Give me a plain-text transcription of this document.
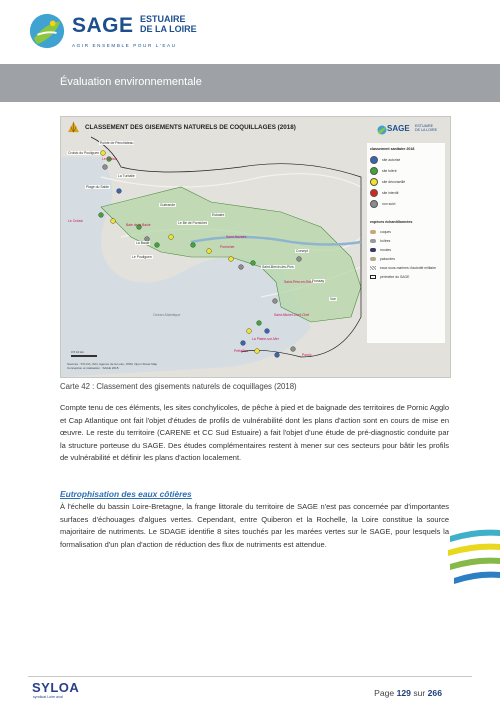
SAGE ESTUAIRE
DE LA LOIRE
AGIR ENSEMBLE POUR L'EAU
Évaluation environnementale
CLASSEMENT DES GISEMENTS NATURELS DE COQUILLAGES (2018)	SAGE ESTUAIRE
DE LA LOIRE
classement sanitaire 2018
site autorisé
site toléré
site déconseillé
site interdit
non suivi
espèces échantillonnées
coques
huîtres
moules
palourdes
eaux sous-marines d'autorité militaire
périmètre du SAGE
Pointe de Penchâteau
Croisic du Pouliguen
Le Croisic
La Turballe
Guérande
Le Croisic
Baie de la Baule	Le Bé de Pornichet
La Baule
Le Pouliguen
Pornichet
Saint-Nazaire
Saint-Brevin-les-Pins
Frossay
Saint-Père-en-Retz
Saint-Michel-Chef-Chef
La Plaine-sur-Mer
Préfailles
Pornic
Vue
Corsept
Estuaire
Plage du Sable
Océan Atlantique
0 5 10 km
Sources : SYLOA, IGN, Agence de la Loire, OSM, Open Street Map
Conception et réalisation : SAGE 2018
Carte 42 : Classement des gisements naturels de coquillages (2018)

Compte tenu de ces éléments, les sites conchylicoles, de pêche à pied et de baignade des territoires de Pornic Agglo et Cap Atlantique ont fait l'objet d'études de profils de vulnérabilité dont les plans d'action sont en cours de mise en œuvre. Le reste du territoire (CARENE et CC Sud Estuaire) a fait l'objet d'une étude de pré-diagnostic conduite par la structure porteuse du SAGE. Des études complémentaires restent à mener sur ces secteurs pour bâtir les profils de vulnérabilité et définir les plans d'action localement.

Eutrophisation des eaux côtières

À l'échelle du bassin Loire-Bretagne, la frange littorale du territoire de SAGE n'est pas concernée par d'importantes surfaces d'échouages d'algues vertes. Cependant, entre Quiberon et la Rochelle, la Loire constitue la source majoritaire de nutriments. Le SDAGE identifie 8 sites touchés par les marées vertes sur le SAGE, pour lesquels la formalisation d'un plan d'action de réduction des flux de nutriments est attendue.

SYLOA
syndicat Loire aval	Page 129 sur 266
